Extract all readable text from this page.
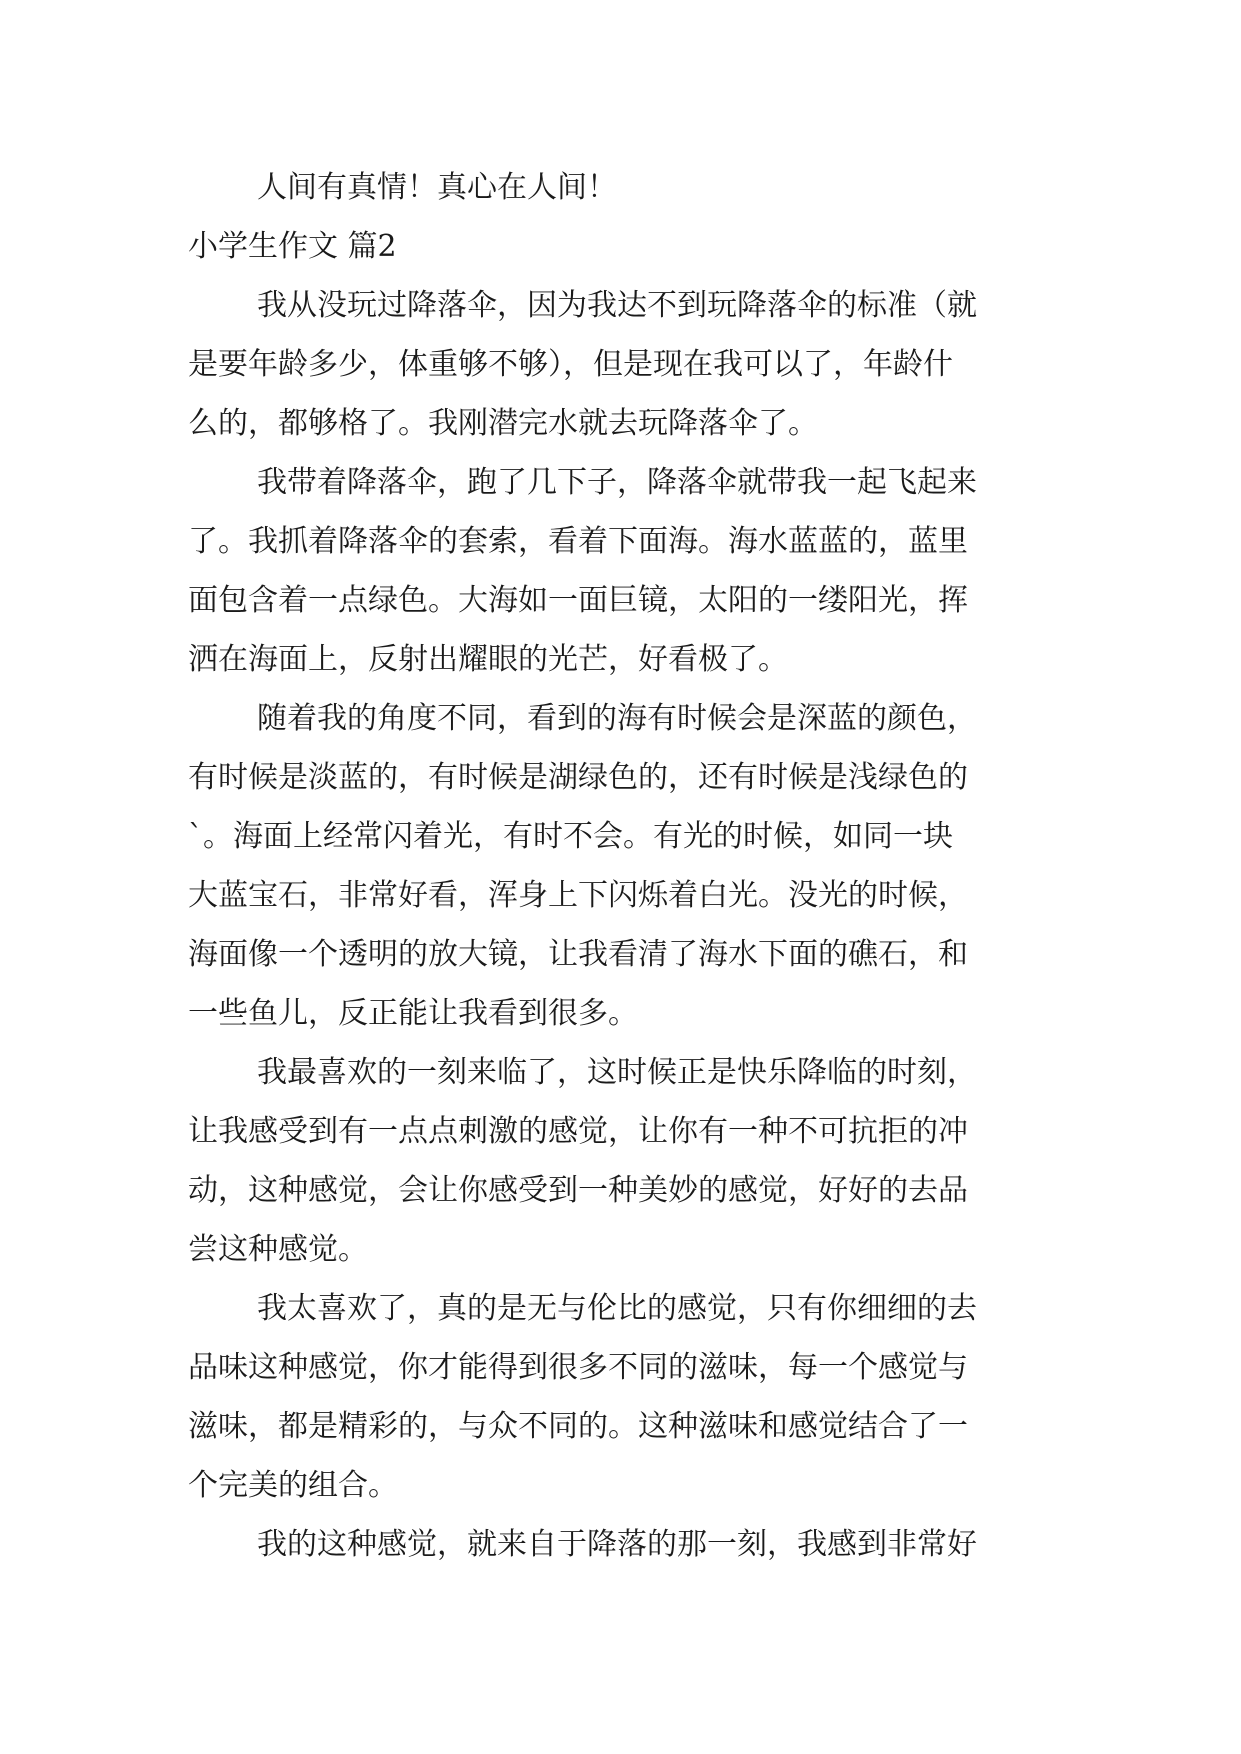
人间有真情！真心在人间！
小学生作文 篇2
我从没玩过降落伞，因为我达不到玩降落伞的标准（就
是要年龄多少，体重够不够），但是现在我可以了，年龄什
么的，都够格了。我刚潜完水就去玩降落伞了。
我带着降落伞，跑了几下子，降落伞就带我一起飞起来
了。我抓着降落伞的套索，看着下面海。海水蓝蓝的，蓝里
面包含着一点绿色。大海如一面巨镜，太阳的一缕阳光，挥
洒在海面上，反射出耀眼的光芒，好看极了。
随着我的角度不同，看到的海有时候会是深蓝的颜色，
有时候是淡蓝的，有时候是湖绿色的，还有时候是浅绿色的
`。海面上经常闪着光，有时不会。有光的时候，如同一块
大蓝宝石，非常好看，浑身上下闪烁着白光。没光的时候，
海面像一个透明的放大镜，让我看清了海水下面的礁石，和
一些鱼儿，反正能让我看到很多。
我最喜欢的一刻来临了，这时候正是快乐降临的时刻，
让我感受到有一点点刺激的感觉，让你有一种不可抗拒的冲
动，这种感觉，会让你感受到一种美妙的感觉，好好的去品
尝这种感觉。
我太喜欢了，真的是无与伦比的感觉，只有你细细的去
品味这种感觉，你才能得到很多不同的滋味，每一个感觉与
滋味，都是精彩的，与众不同的。这种滋味和感觉结合了一
个完美的组合。
我的这种感觉，就来自于降落的那一刻，我感到非常好
